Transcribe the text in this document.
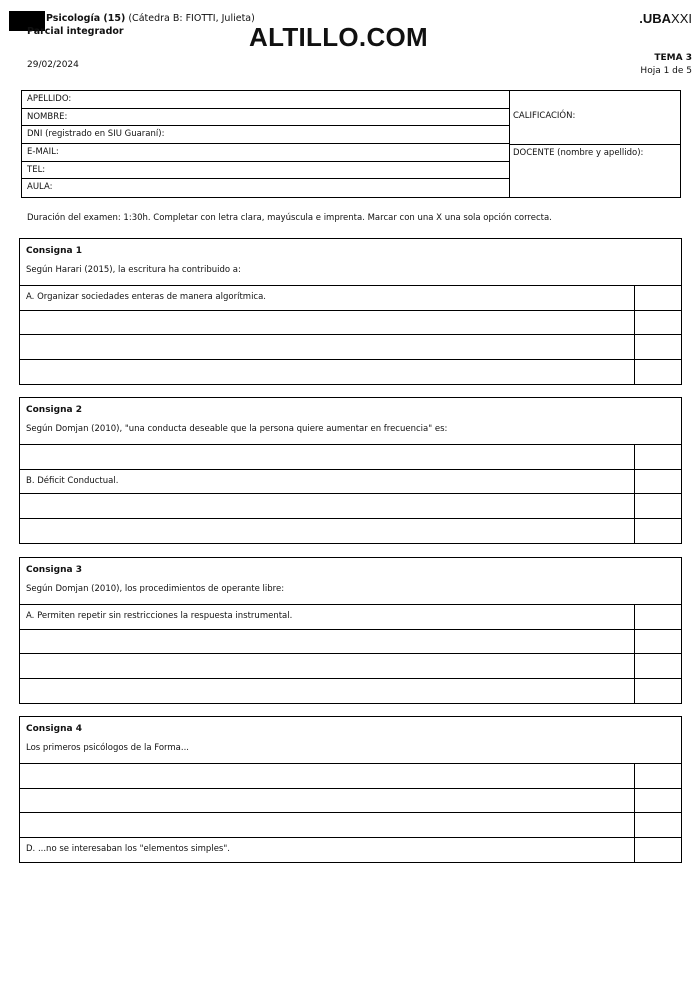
Psicología (15) (Cátedra B: FIOTTI, Julieta)
Parcial integrador	ALTILLO.COM
.UBAXXI
29/02/2024
TEMA 3
Hoja 1 de 5
APELLIDO:
NOMBRE:
DNI (registrado en SIU Guaraní):
E-MAIL:
TEL:
AULA:
CALIFICACIÓN:
DOCENTE (nombre y apellido):
Duración del examen: 1:30h. Completar con letra clara, mayúscula e imprenta. Marcar con una X una sola opción correcta.
Consigna 1
Según Harari (2015), la escritura ha contribuido a:
A. Organizar sociedades enteras de manera algorítmica.
Consigna 2
Según Domjan (2010), "una conducta deseable que la persona quiere aumentar en frecuencia" es:
B. Déficit Conductual.
Consigna 3
Según Domjan (2010), los procedimientos de operante libre:
A. Permiten repetir sin restricciones la respuesta instrumental.
Consigna 4
Los primeros psicólogos de la Forma...
D. ...no se interesaban los "elementos simples".
